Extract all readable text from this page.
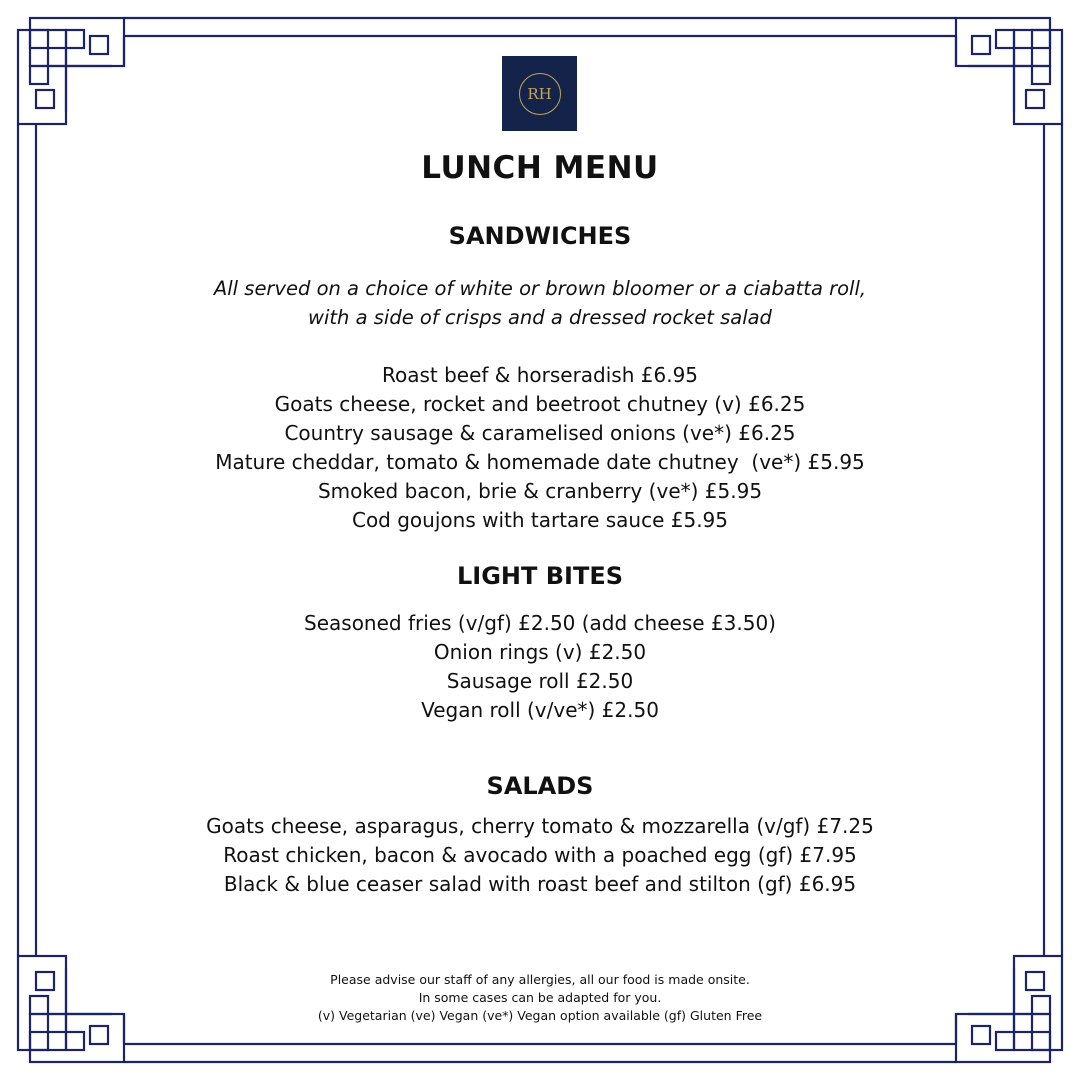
RH
LUNCH MENU
SANDWICHES
All served on a choice of white or brown bloomer or a ciabatta roll,
with a side of crisps and a dressed rocket salad
Roast beef & horseradish £6.95
Goats cheese, rocket and beetroot chutney (v) £6.25
Country sausage & caramelised onions (ve*) £6.25
Mature cheddar, tomato & homemade date chutney  (ve*) £5.95
Smoked bacon, brie & cranberry (ve*) £5.95
Cod goujons with tartare sauce £5.95
LIGHT BITES
Seasoned fries (v/gf) £2.50 (add cheese £3.50)
Onion rings (v) £2.50
Sausage roll £2.50
Vegan roll (v/ve*) £2.50
SALADS
Goats cheese, asparagus, cherry tomato & mozzarella (v/gf) £7.25
Roast chicken, bacon & avocado with a poached egg (gf) £7.95
Black & blue ceaser salad with roast beef and stilton (gf) £6.95
Please advise our staff of any allergies, all our food is made onsite.
In some cases can be adapted for you.
(v) Vegetarian (ve) Vegan (ve*) Vegan option available (gf) Gluten Free
